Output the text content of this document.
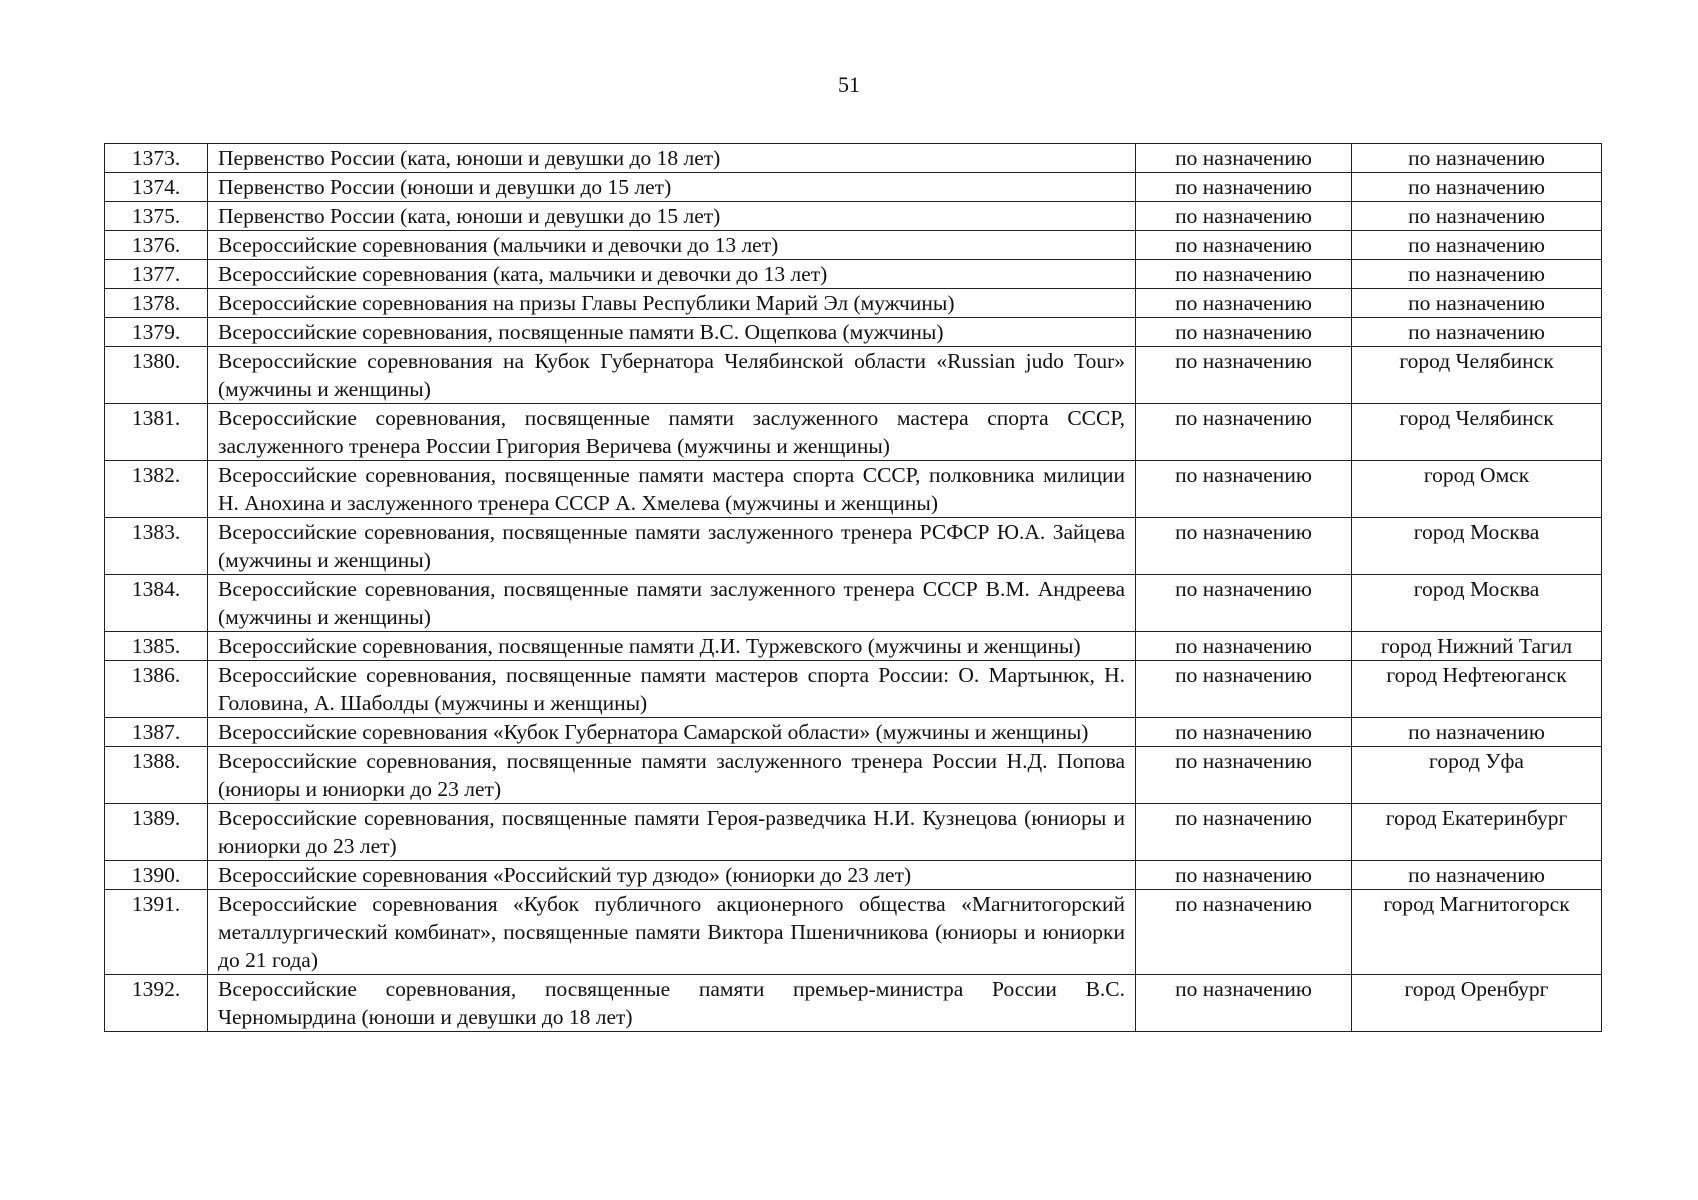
51
1373.	Первенство России (ката, юноши и девушки до 18 лет)	по назначению	по назначению
1374.	Первенство России (юноши и девушки до 15 лет)	по назначению	по назначению
1375.	Первенство России (ката, юноши и девушки до 15 лет)	по назначению	по назначению
1376.	Всероссийские соревнования (мальчики и девочки до 13 лет)	по назначению	по назначению
1377.	Всероссийские соревнования (ката, мальчики и девочки до 13 лет)	по назначению	по назначению
1378.	Всероссийские соревнования на призы Главы Республики Марий Эл (мужчины)	по назначению	по назначению
1379.	Всероссийские соревнования, посвященные памяти В.С. Ощепкова (мужчины)	по назначению	по назначению
1380.	Всероссийские соревнования на Кубок Губернатора Челябинской области «Russian judo Tour» (мужчины и женщины)	по назначению	город Челябинск
1381.	Всероссийские соревнования, посвященные памяти заслуженного мастера спорта СССР, заслуженного тренера России Григория Веричева (мужчины и женщины)	по назначению	город Челябинск
1382.	Всероссийские соревнования, посвященные памяти мастера спорта СССР, полковника милиции Н. Анохина и заслуженного тренера СССР А. Хмелева (мужчины и женщины)	по назначению	город Омск
1383.	Всероссийские соревнования, посвященные памяти заслуженного тренера РСФСР Ю.А. Зайцева (мужчины и женщины)	по назначению	город Москва
1384.	Всероссийские соревнования, посвященные памяти заслуженного тренера СССР В.М. Андреева (мужчины и женщины)	по назначению	город Москва
1385.	Всероссийские соревнования, посвященные памяти Д.И. Туржевского (мужчины и женщины)	по назначению	город Нижний Тагил
1386.	Всероссийские соревнования, посвященные памяти мастеров спорта России: О. Мартынюк, Н. Головина, А. Шаболды (мужчины и женщины)	по назначению	город Нефтеюганск
1387.	Всероссийские соревнования «Кубок Губернатора Самарской области» (мужчины и женщины)	по назначению	по назначению
1388.	Всероссийские соревнования, посвященные памяти заслуженного тренера России Н.Д. Попова (юниоры и юниорки до 23 лет)	по назначению	город Уфа
1389.	Всероссийские соревнования, посвященные памяти Героя-разведчика Н.И. Кузнецова (юниоры и юниорки до 23 лет)	по назначению	город Екатеринбург
1390.	Всероссийские соревнования «Российский тур дзюдо» (юниорки до 23 лет)	по назначению	по назначению
1391.	Всероссийские соревнования «Кубок публичного акционерного общества «Магнитогорский металлургический комбинат», посвященные памяти Виктора Пшеничникова (юниоры и юниорки до 21 года)	по назначению	город Магнитогорск
1392.	Всероссийские соревнования, посвященные памяти премьер-министра России В.С. Черномырдина (юноши и девушки до 18 лет)	по назначению	город Оренбург
